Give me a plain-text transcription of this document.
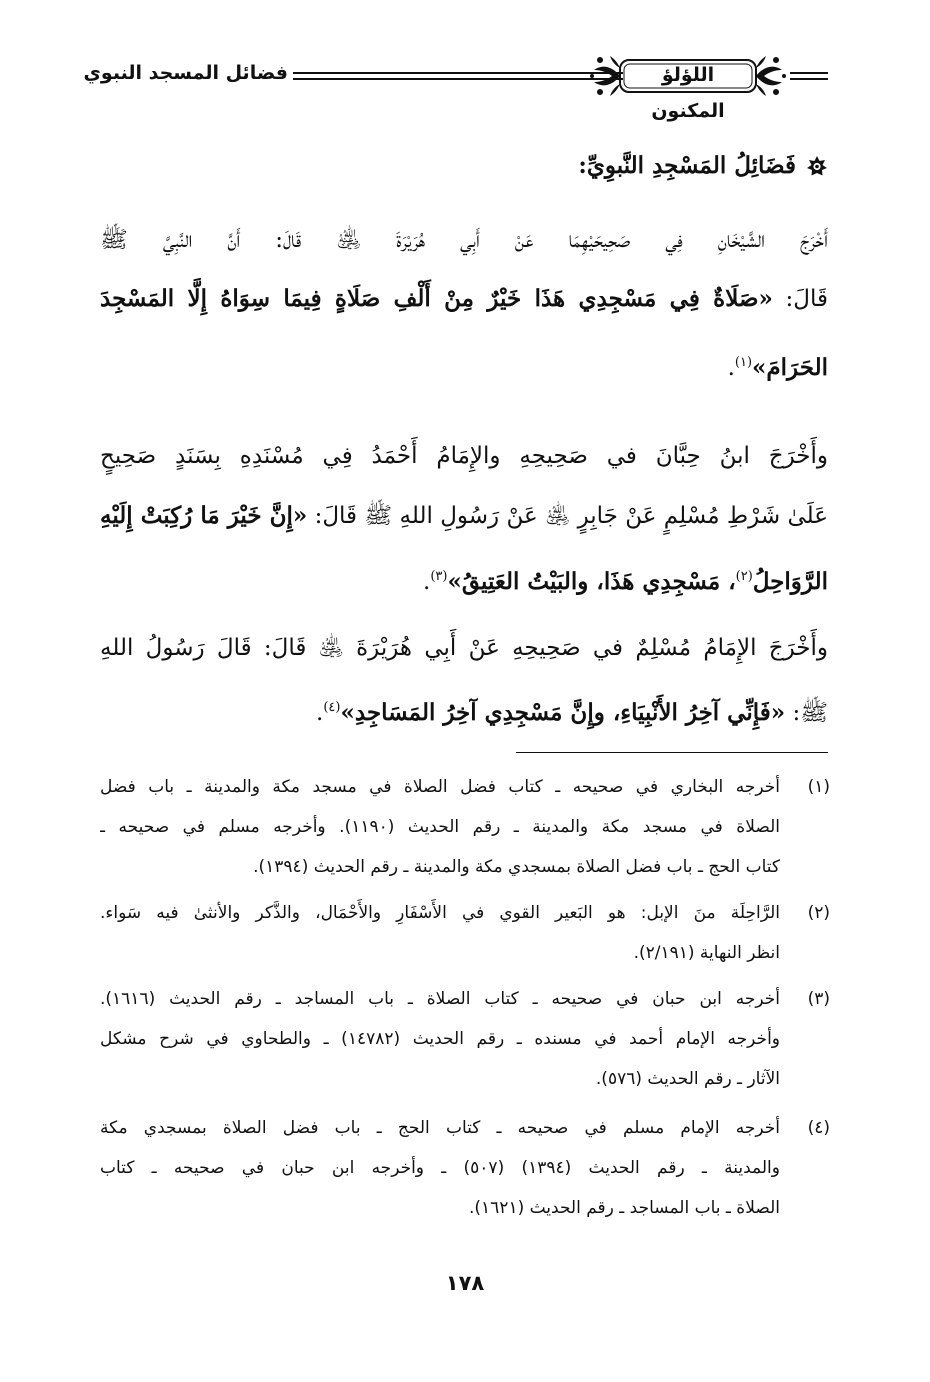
اللؤلؤ المكنون
فضائل المسجد النبوي
فَضَائِلُ المَسْجِدِ النَّبوِيِّ:
أَخْرَجَ الشَّيْخَانِ فِي صَحِيحَيْهِمَا عَنْ أَبِي هُرَيْرَةَ ﵁ قَالَ: أَنَّ النَّبِيَّ ﷺ
قَالَ: «صَلَاةٌ فِي مَسْجِدِي هَذَا خَيْرٌ مِنْ أَلْفِ صَلَاةٍ فِيمَا سِوَاهُ إِلَّا المَسْجِدَ
الحَرَامَ»$^{(١)}$.
وأَخْرَجَ ابنُ حِبَّانَ في صَحِيحِهِ والإِمَامُ أَحْمَدُ فِي مُسْنَدِهِ بِسَنَدٍ صَحِيحٍ
عَلَىٰ شَرْطِ مُسْلِمٍ عَنْ جَابِرٍ ﵁ عَنْ رَسُولِ اللهِ ﷺ قَالَ: «إِنَّ خَيْرَ مَا رُكِبَتْ إِلَيْهِ
الرَّوَاحِلُ$^{(٢)}$، مَسْجِدِي هَذَا، والبَيْتُ العَتِيقُ»$^{(٣)}$.
وأَخْرَجَ الإِمَامُ مُسْلِمٌ في صَحِيحِهِ عَنْ أَبِي هُرَيْرَةَ ﵁ قَالَ: قَالَ رَسُولُ اللهِ
ﷺ: «فَإِنِّي آخِرُ الأَنْبِيَاءِ، وإِنَّ مَسْجِدِي آخِرُ المَسَاجِدِ»$^{(٤)}$.
(١)
أخرجه البخاري في صحيحه ـ كتاب فضل الصلاة في مسجد مكة والمدينة ـ باب فضل
الصلاة في مسجد مكة والمدينة ـ رقم الحديث (١١٩٠). وأخرجه مسلم في صحيحه ـ
كتاب الحج ـ باب فضل الصلاة بمسجدي مكة والمدينة ـ رقم الحديث (١٣٩٤).
(٢)
الرَّاحِلَة منَ الإبل: هو البَعير القوي في الأَسْفَارِ والأَحْمَال، والذَّكر والأنثىٰ فيه سَواء.
انظر النهاية (٢/١٩١).
(٣)
أخرجه ابن حبان في صحيحه ـ كتاب الصلاة ـ باب المساجد ـ رقم الحديث (١٦١٦).
وأخرجه الإمام أحمد في مسنده ـ رقم الحديث (١٤٧٨٢) ـ والطحاوي في شرح مشكل
الآثار ـ رقم الحديث (٥٧٦).
(٤)
أخرجه الإمام مسلم في صحيحه ـ كتاب الحج ـ باب فضل الصلاة بمسجدي مكة
والمدينة ـ رقم الحديث (١٣٩٤) (٥٠٧) ـ وأخرجه ابن حبان في صحيحه ـ كتاب
الصلاة ـ باب المساجد ـ رقم الحديث (١٦٢١).
١٧٨
